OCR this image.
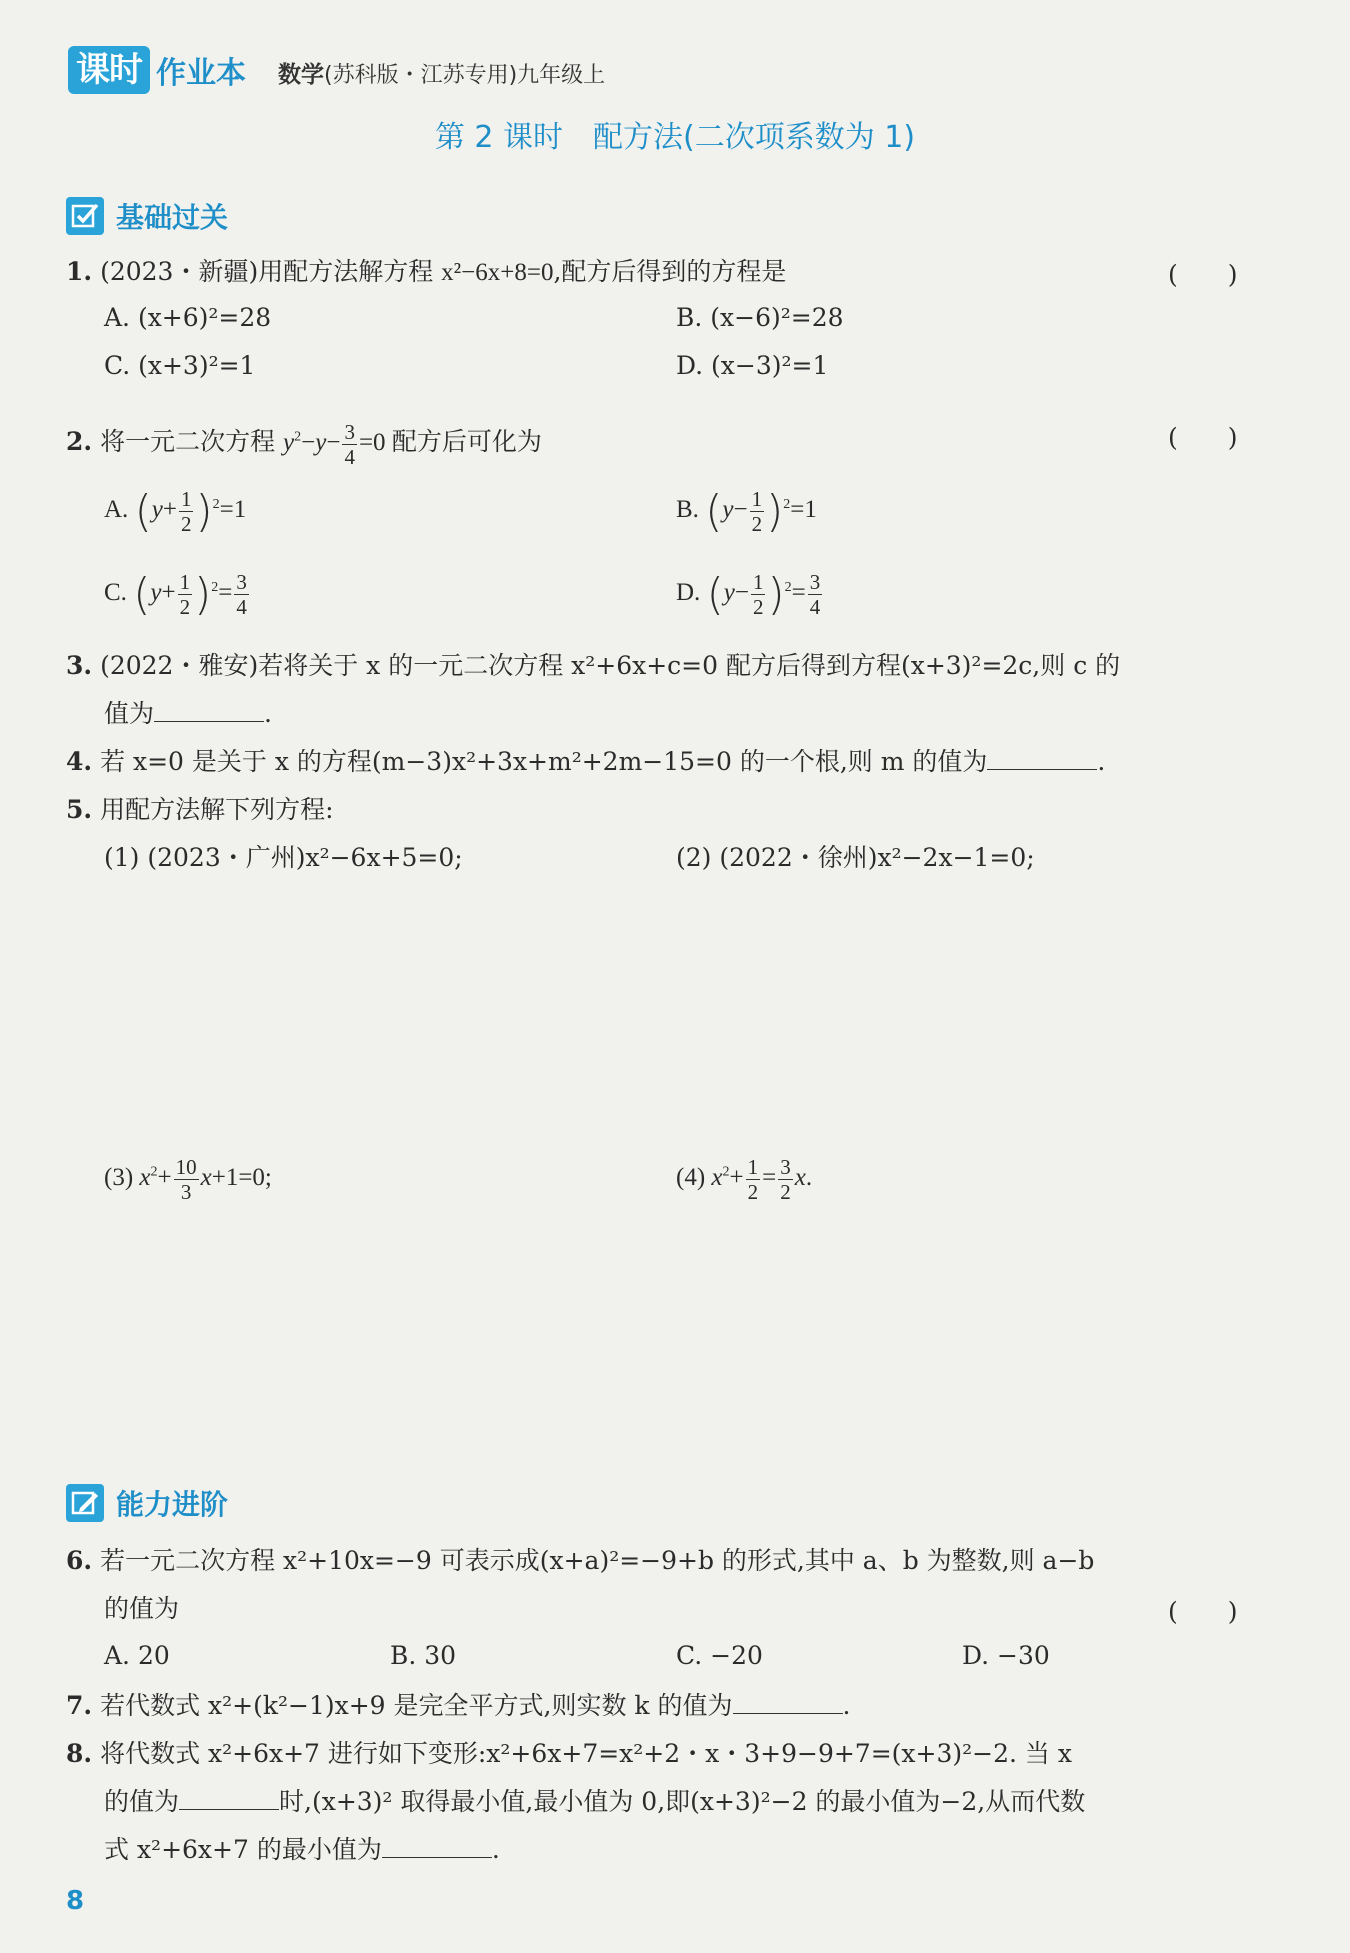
课时 作业本 数学(苏科版・江苏专用)九年级上
第 2 课时　配方法(二次项系数为 1)
基础过关
1. (2023・新疆)用配方法解方程 x²−6x+8=0,配方后得到的方程是	(　　)
A. (x+6)²=28	B. (x−6)²=28
C. (x+3)²=1	D. (x−3)²=1
2. 将一元二次方程 $y^2-y- \frac{3}{4} =0$ 配方后可化为	(　　)
A. $(y+ \frac{1}{2} )^2=1$	B. $(y- \frac{1}{2} )^2=1$
C. $(y+ \frac{1}{2} )^2= \frac{3}{4}$	D. $(y- \frac{1}{2} )^2= \frac{3}{4}$
3. (2022・雅安)若将关于 x 的一元二次方程 x²+6x+c=0 配方后得到方程(x+3)²=2c,则 c 的
值为	.
4. 若 x=0 是关于 x 的方程(m−3)x²+3x+m²+2m−15=0 的一个根,则 m 的值为	.
5. 用配方法解下列方程:
(1) (2023・广州)x²−6x+5=0;	(2) (2022・徐州)x²−2x−1=0;
(3) $x^2+ \frac{10}{3} x+1=0$;	(4) $x^2+ \frac{1}{2} = \frac{3}{2} x$.
能力进阶
6. 若一元二次方程 x²+10x=−9 可表示成(x+a)²=−9+b 的形式,其中 a、b 为整数,则 a−b
的值为	(　　)
A. 20	B. 30	C. −20	D. −30
7. 若代数式 x²+(k²−1)x+9 是完全平方式,则实数 k 的值为	.
8. 将代数式 x²+6x+7 进行如下变形:x²+6x+7=x²+2・x・3+9−9+7=(x+3)²−2. 当 x
的值为	时,(x+3)² 取得最小值,最小值为 0,即(x+3)²−2 的最小值为−2,从而代数
式 x²+6x+7 的最小值为	.
8
